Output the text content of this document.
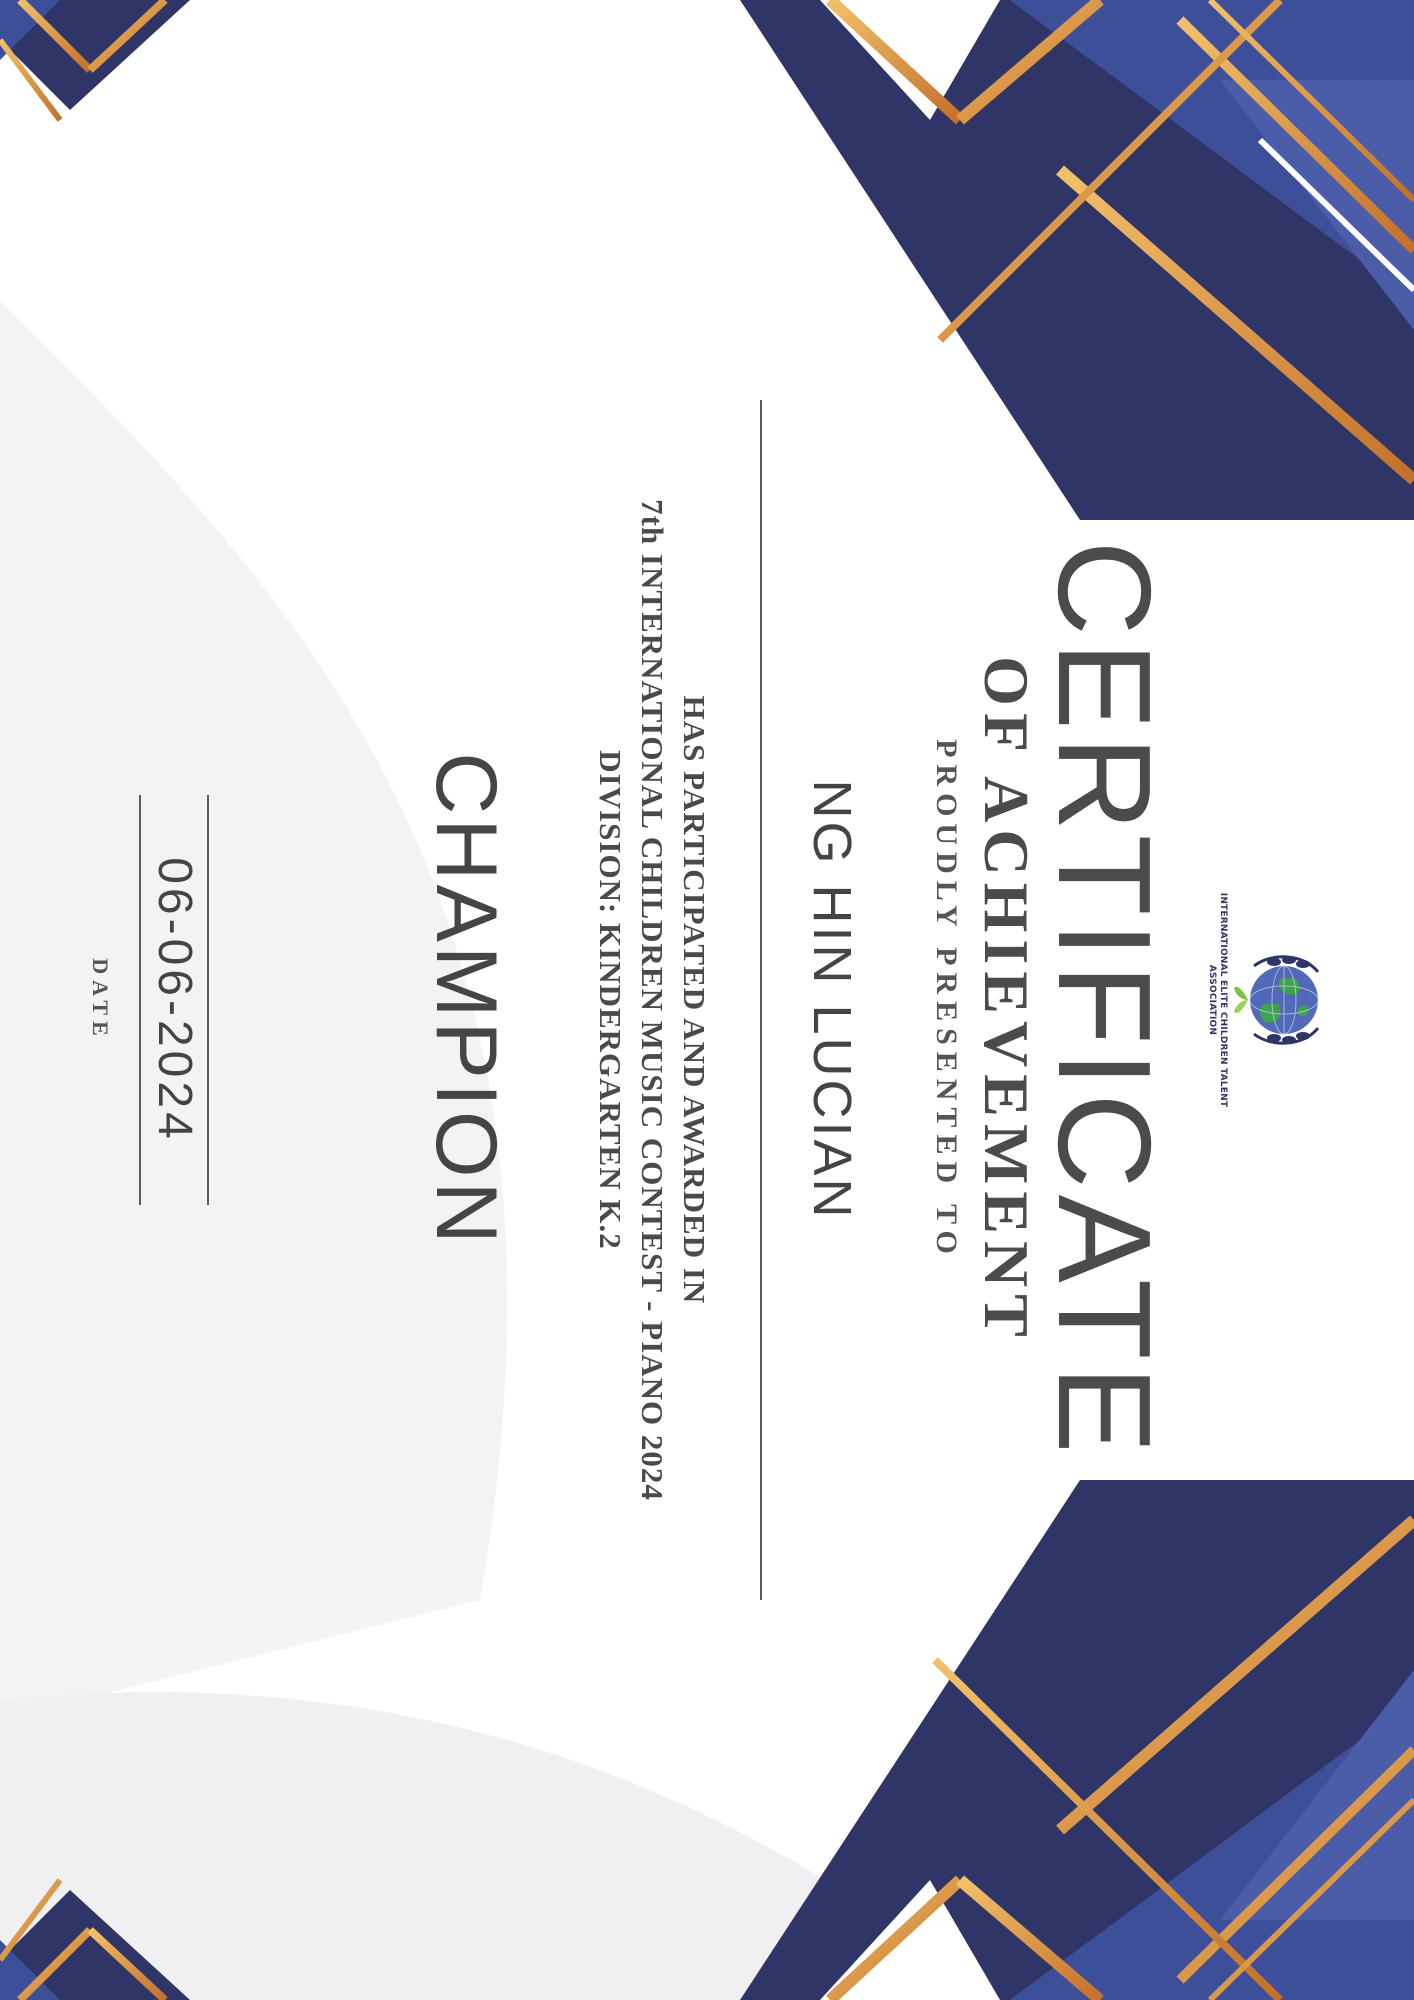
INTERNATIONAL ELITE CHILDREN TALENT ASSOCIATION
CERTIFICATE
OF ACHIEVEMENT
PROUDLY PRESENTED TO
NG HIN LUCIAN
HAS PARTICIPATED AND AWARDED IN
7th INTERNATIONAL CHILDREN MUSIC CONTEST - PIANO 2024
DIVISION: KINDERGARTEN K.2
CHAMPION
06-06-2024
DATE
